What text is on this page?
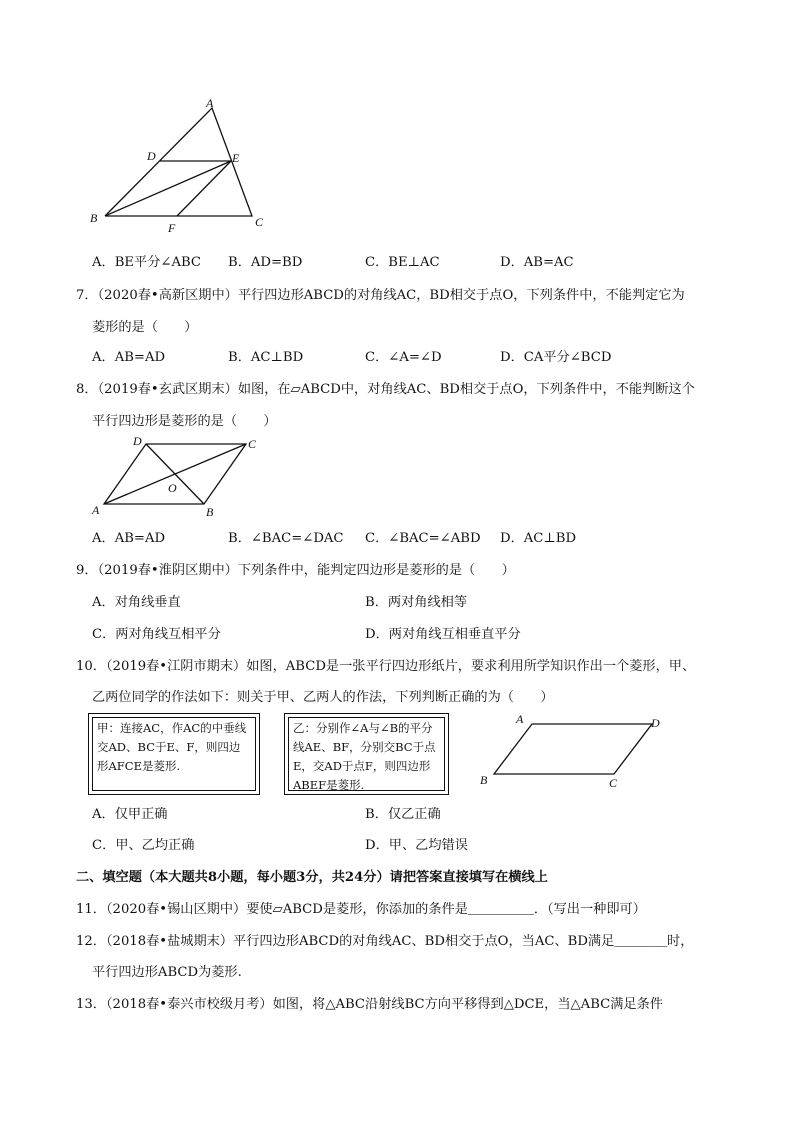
A
D	E
B
F	C
A．BE平分∠ABC B．AD=BD	C．BE⊥AC	D．AB=AC
7．（2020春•高新区期中）平行四边形ABCD的对角线AC，BD相交于点O，下列条件中，不能判定它为
菱形的是（　　）
A．AB=AD	B．AC⊥BD	C．∠A=∠D	D．CA平分∠BCD
8．（2019春•玄武区期末）如图，在▱ABCD中，对角线AC、BD相交于点O，下列条件中，不能判断这个
平行四边形是菱形的是（　　）
D	C
O
A	B
A．AB=AD	B．∠BAC=∠DAC C．∠BAC=∠ABD D．AC⊥BD
9．（2019春•淮阴区期中）下列条件中，能判定四边形是菱形的是（　　）
A．对角线垂直	B．两对角线相等
C．两对角线互相平分	D．两对角线互相垂直平分
10．（2019春•江阴市期末）如图，ABCD是一张平行四边形纸片，要求利用所学知识作出一个菱形，甲、
乙两位同学的作法如下：则关于甲、乙两人的作法，下列判断正确的为（　　）
甲：连接AC，作AC的中垂线交AD、BC于E、F，则四边形AFCE是菱形.
乙：分别作∠A与∠B的平分线AE、BF，分别交BC于点E，交AD于点F，则四边形ABEF是菱形.
A	D
B	C
A．仅甲正确	B．仅乙正确
C．甲、乙均正确	D．甲、乙均错误
二、填空题（本大题共8小题，每小题3分，共24分）请把答案直接填写在横线上
11．（2020春•锡山区期中）要使▱ABCD是菱形，你添加的条件是＿＿＿＿＿．（写出一种即可）
12．（2018春•盐城期末）平行四边形ABCD的对角线AC、BD相交于点O，当AC、BD满足＿＿＿＿时，
平行四边形ABCD为菱形.
13．（2018春•泰兴市校级月考）如图，将△ABC沿射线BC方向平移得到△DCE，当△ABC满足条件
